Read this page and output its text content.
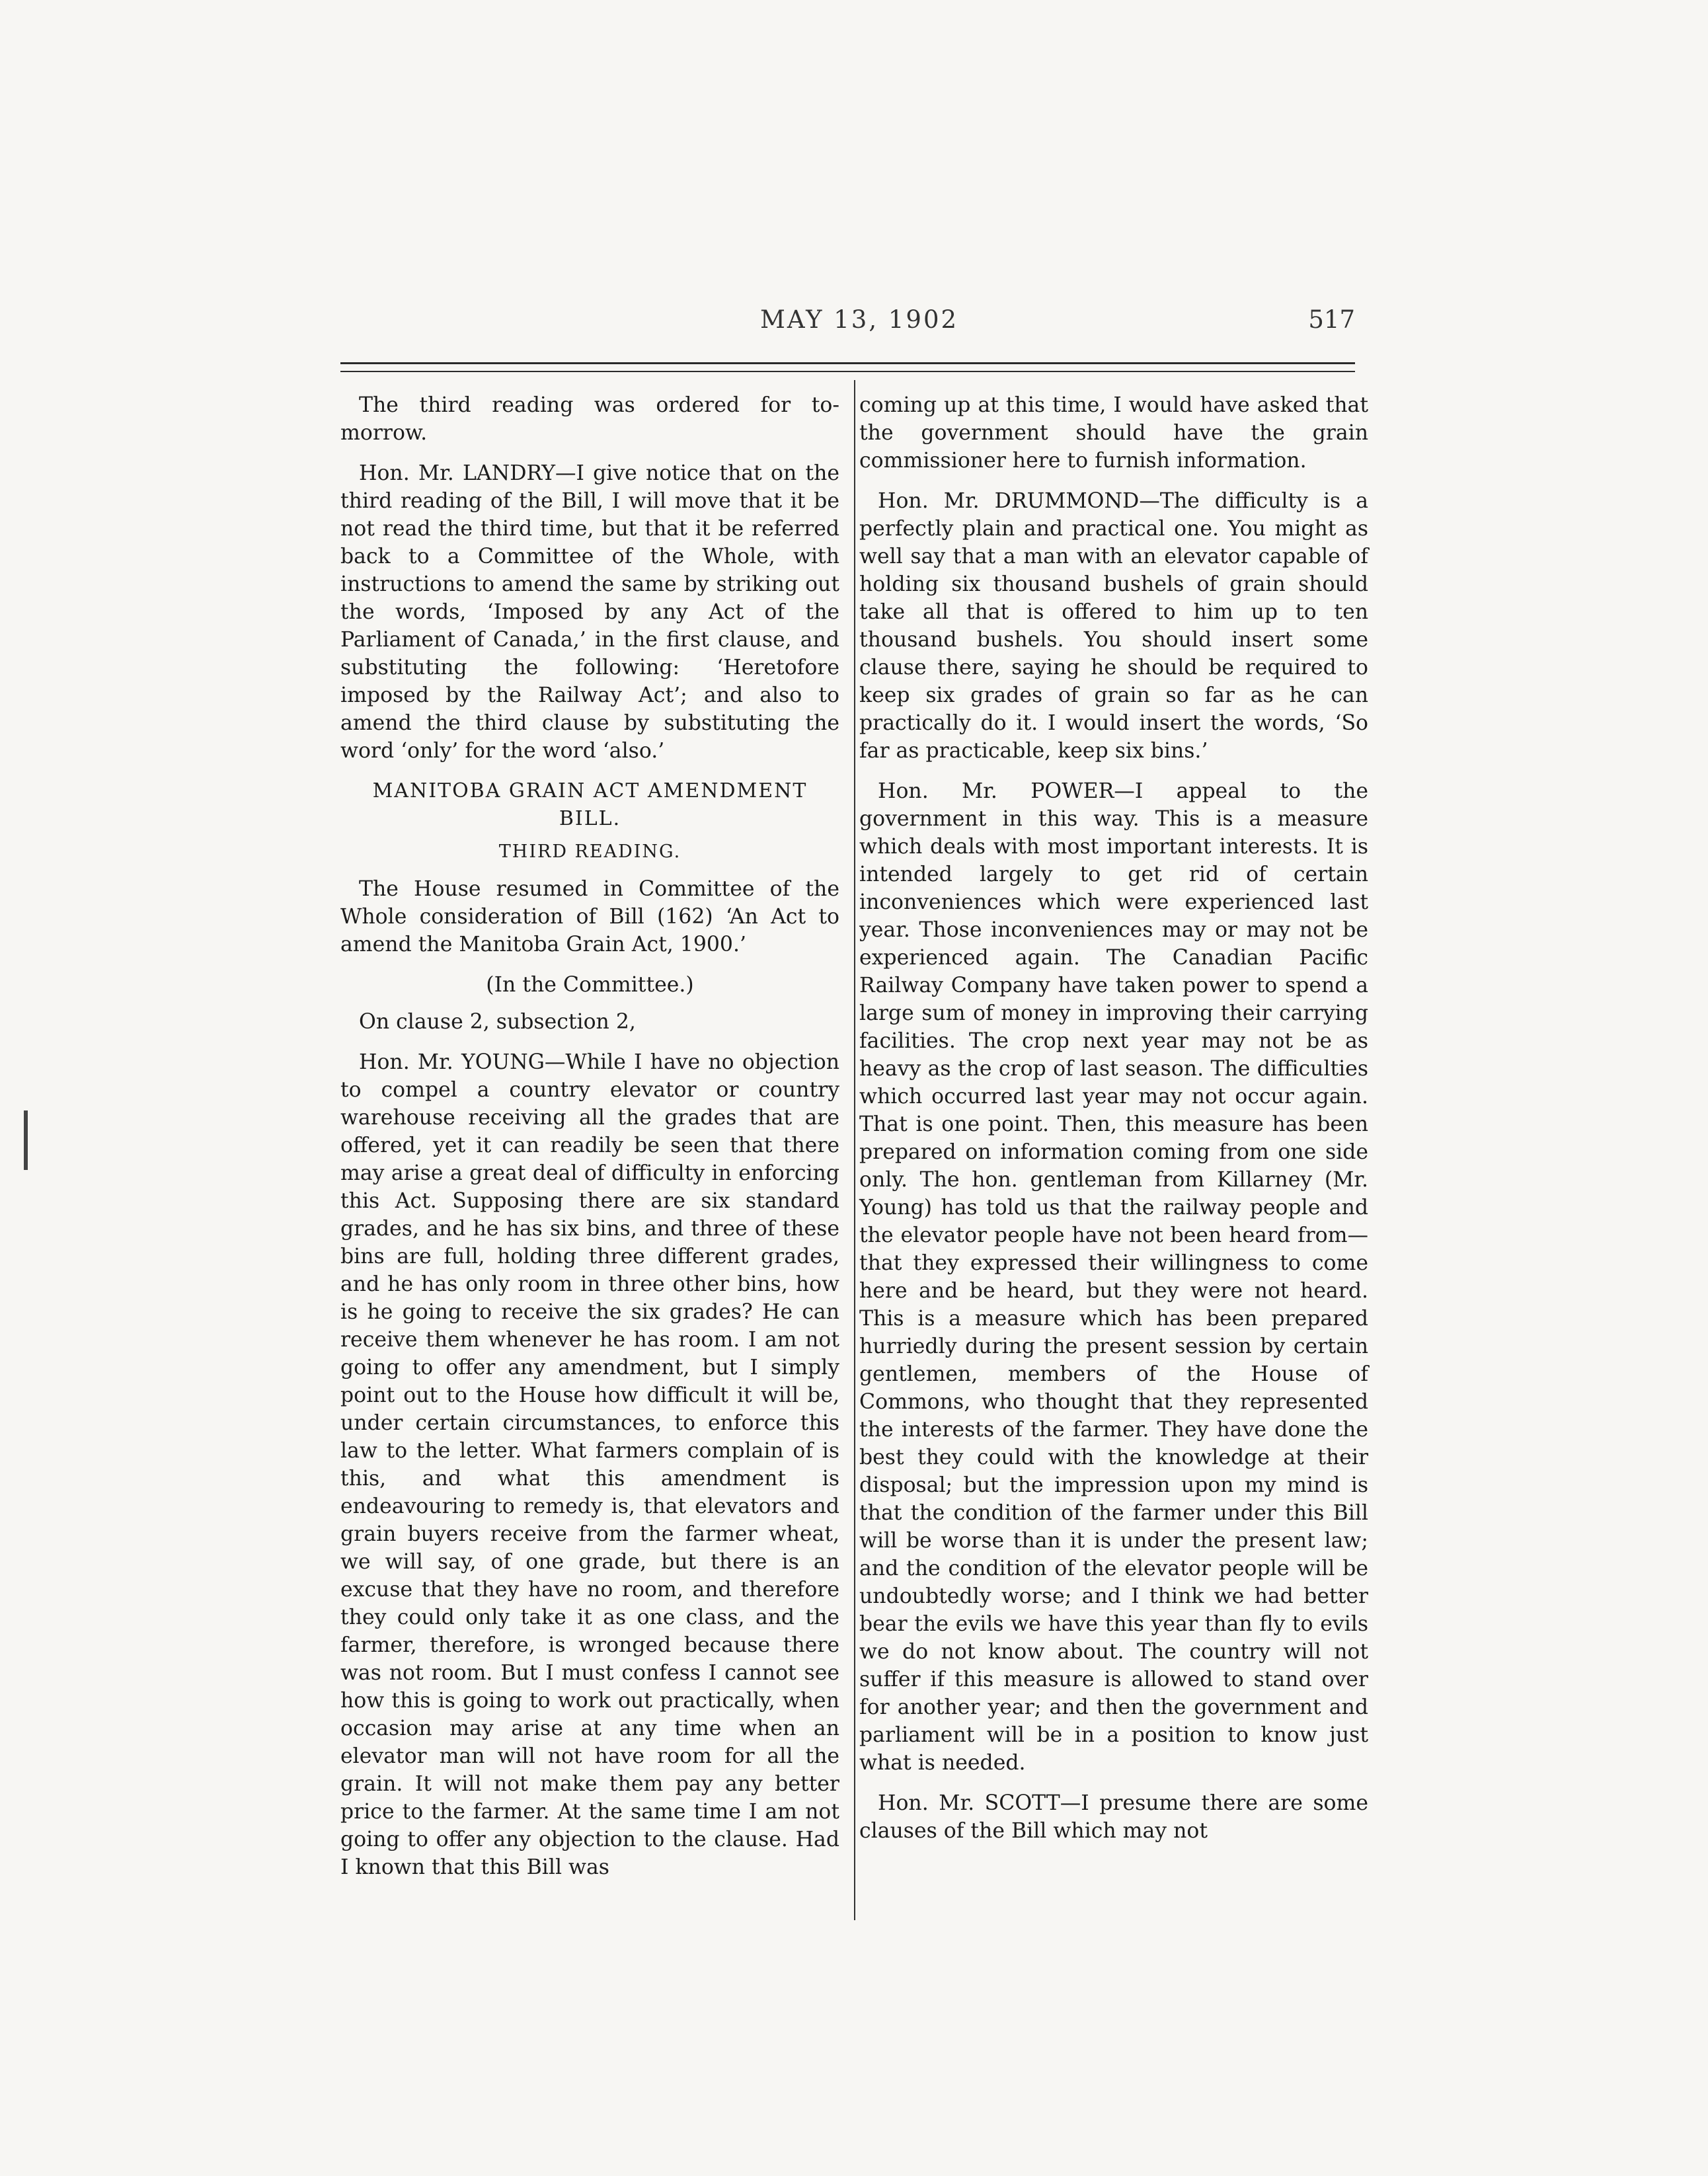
MAY 13, 1902	517

The third reading was ordered for to-morrow.

Hon. Mr. LANDRY—I give notice that on the third reading of the Bill, I will move that it be not read the third time, but that it be referred back to a Committee of the Whole, with instructions to amend the same by striking out the words, ‘Imposed by any Act of the Parliament of Canada,’ in the first clause, and substituting the following: ‘Heretofore imposed by the Railway Act’; and also to amend the third clause by substituting the word ‘only’ for the word ‘also.’

MANITOBA GRAIN ACT AMENDMENT BILL.
THIRD READING.

The House resumed in Committee of the Whole consideration of Bill (162) ‘An Act to amend the Manitoba Grain Act, 1900.’

(In the Committee.)

On clause 2, subsection 2,

Hon. Mr. YOUNG—While I have no objection to compel a country elevator or country warehouse receiving all the grades that are offered, yet it can readily be seen that there may arise a great deal of difficulty in enforcing this Act. Supposing there are six standard grades, and he has six bins, and three of these bins are full, holding three different grades, and he has only room in three other bins, how is he going to receive the six grades? He can receive them whenever he has room. I am not going to offer any amendment, but I simply point out to the House how difficult it will be, under certain circumstances, to enforce this law to the letter. What farmers complain of is this, and what this amendment is endeavouring to remedy is, that elevators and grain buyers receive from the farmer wheat, we will say, of one grade, but there is an excuse that they have no room, and therefore they could only take it as one class, and the farmer, therefore, is wronged because there was not room. But I must confess I cannot see how this is going to work out practically, when occasion may arise at any time when an elevator man will not have room for all the grain. It will not make them pay any better price to the farmer. At the same time I am not going to offer any objection to the clause. Had I known that this Bill was

coming up at this time, I would have asked that the government should have the grain commissioner here to furnish information.

Hon. Mr. DRUMMOND—The difficulty is a perfectly plain and practical one. You might as well say that a man with an elevator capable of holding six thousand bushels of grain should take all that is offered to him up to ten thousand bushels. You should insert some clause there, saying he should be required to keep six grades of grain so far as he can practically do it. I would insert the words, ‘So far as practicable, keep six bins.’

Hon. Mr. POWER—I appeal to the government in this way. This is a measure which deals with most important interests. It is intended largely to get rid of certain inconveniences which were experienced last year. Those inconveniences may or may not be experienced again. The Canadian Pacific Railway Company have taken power to spend a large sum of money in improving their carrying facilities. The crop next year may not be as heavy as the crop of last season. The difficulties which occurred last year may not occur again. That is one point. Then, this measure has been prepared on information coming from one side only. The hon. gentleman from Killarney (Mr. Young) has told us that the railway people and the elevator people have not been heard from—that they expressed their willingness to come here and be heard, but they were not heard. This is a measure which has been prepared hurriedly during the present session by certain gentlemen, members of the House of Commons, who thought that they represented the interests of the farmer. They have done the best they could with the knowledge at their disposal; but the impression upon my mind is that the condition of the farmer under this Bill will be worse than it is under the present law; and the condition of the elevator people will be undoubtedly worse; and I think we had better bear the evils we have this year than fly to evils we do not know about. The country will not suffer if this measure is allowed to stand over for another year; and then the government and parliament will be in a position to know just what is needed.

Hon. Mr. SCOTT—I presume there are some clauses of the Bill which may not
